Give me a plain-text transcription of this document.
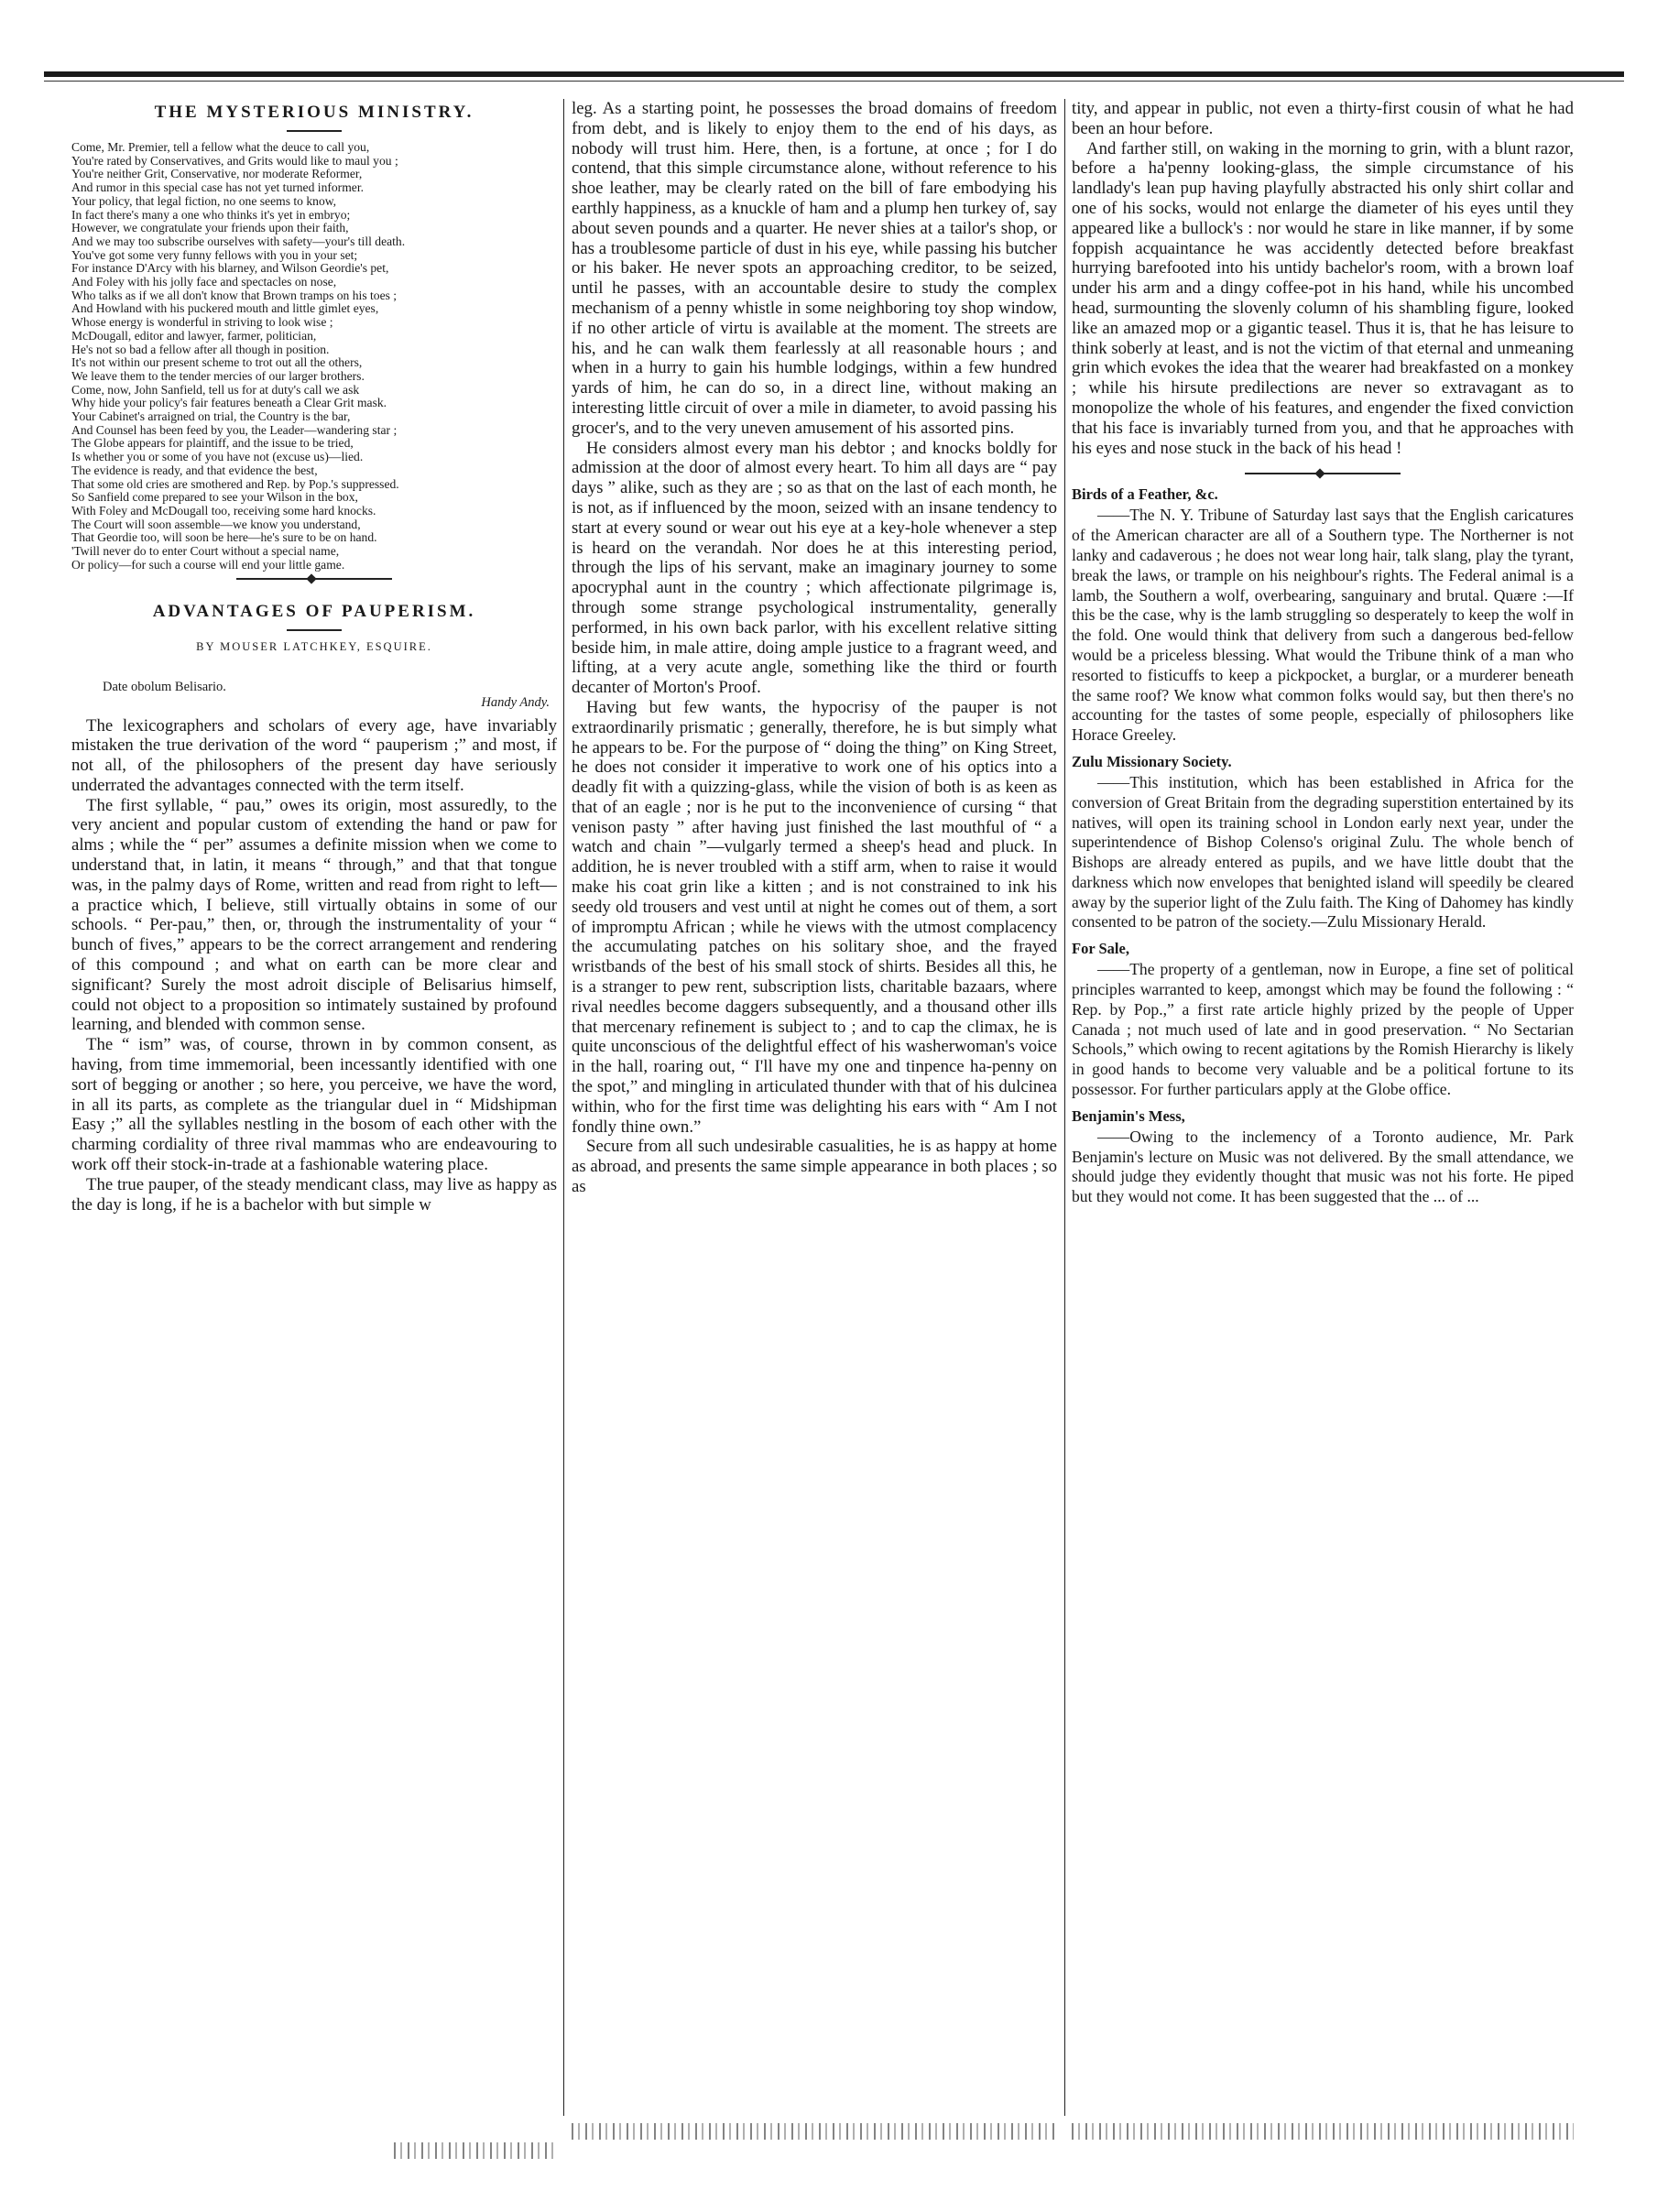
THE MYSTERIOUS MINISTRY.

Come, Mr. Premier, tell a fellow what the deuce to call you,

You're rated by Conservatives, and Grits would like to maul you ;

You're neither Grit, Conservative, nor moderate Reformer,

And rumor in this special case has not yet turned informer.

Your policy, that legal fiction, no one seems to know,

In fact there's many a one who thinks it's yet in embryo;

However, we congratulate your friends upon their faith,

And we may too subscribe ourselves with safety—your's till death.

You've got some very funny fellows with you in your set;

For instance D'Arcy with his blarney, and Wilson Geordie's pet,

And Foley with his jolly face and spectacles on nose,

Who talks as if we all don't know that Brown tramps on his toes ;

And Howland with his puckered mouth and little gimlet eyes,

Whose energy is wonderful in striving to look wise ;

McDougall, editor and lawyer, farmer, politician,

He's not so bad a fellow after all though in position.

It's not within our present scheme to trot out all the others,

We leave them to the tender mercies of our larger brothers.

Come, now, John Sanfield, tell us for at duty's call we ask

Why hide your policy's fair features beneath a Clear Grit mask.

Your Cabinet's arraigned on trial, the Country is the bar,

And Counsel has been feed by you, the Leader—wandering star ;

The Globe appears for plaintiff, and the issue to be tried,

Is whether you or some of you have not (excuse us)—lied.

The evidence is ready, and that evidence the best,

That some old cries are smothered and Rep. by Pop.'s suppressed.

So Sanfield come prepared to see your Wilson in the box,

With Foley and McDougall too, receiving some hard knocks.

The Court will soon assemble—we know you understand,

That Geordie too, will soon be here—he's sure to be on hand.

'Twill never do to enter Court without a special name,

Or policy—for such a course will end your little game.

ADVANTAGES OF PAUPERISM.
BY MOUSER LATCHKEY, ESQUIRE.
Date obolum Belisario.
Handy Andy.

The lexicographers and scholars of every age, have invariably mistaken the true derivation of the word “ pauperism ;” and most, if not all, of the philosophers of the present day have seriously underrated the advantages connected with the term itself.

The first syllable, “ pau,” owes its origin, most assuredly, to the very ancient and popular custom of extending the hand or paw for alms ; while the “ per” assumes a definite mission when we come to understand that, in latin, it means “ through,” and that that tongue was, in the palmy days of Rome, written and read from right to left—a practice which, I believe, still virtually obtains in some of our schools. “ Per-pau,” then, or, through the instrumentality of your “ bunch of fives,” appears to be the correct arrangement and rendering of this compound ; and what on earth can be more clear and significant? Surely the most adroit disciple of Belisarius himself, could not object to a proposition so intimately sustained by profound learning, and blended with common sense.

The “ ism” was, of course, thrown in by common consent, as having, from time immemorial, been incessantly identified with one sort of begging or another ; so here, you perceive, we have the word, in all its parts, as complete as the triangular duel in “ Midshipman Easy ;” all the syllables nestling in the bosom of each other with the charming cordiality of three rival mammas who are endeavouring to work off their stock-in-trade at a fashionable watering place.

The true pauper, of the steady mendicant class, may live as happy as the day is long, if he is a bachelor with but simple w

leg. As a starting point, he possesses the broad domains of freedom from debt, and is likely to enjoy them to the end of his days, as nobody will trust him. Here, then, is a fortune, at once ; for I do contend, that this simple circumstance alone, without reference to his shoe leather, may be clearly rated on the bill of fare embodying his earthly happiness, as a knuckle of ham and a plump hen turkey of, say about seven pounds and a quarter. He never shies at a tailor's shop, or has a troublesome particle of dust in his eye, while passing his butcher or his baker. He never spots an approaching creditor, to be seized, until he passes, with an accountable desire to study the complex mechanism of a penny whistle in some neighboring toy shop window, if no other article of virtu is available at the moment. The streets are his, and he can walk them fearlessly at all reasonable hours ; and when in a hurry to gain his humble lodgings, within a few hundred yards of him, he can do so, in a direct line, without making an interesting little circuit of over a mile in diameter, to avoid passing his grocer's, and to the very uneven amusement of his assorted pins.

He considers almost every man his debtor ; and knocks boldly for admission at the door of almost every heart. To him all days are “ pay days ” alike, such as they are ; so as that on the last of each month, he is not, as if influenced by the moon, seized with an insane tendency to start at every sound or wear out his eye at a key-hole whenever a step is heard on the verandah. Nor does he at this interesting period, through the lips of his servant, make an imaginary journey to some apocryphal aunt in the country ; which affectionate pilgrimage is, through some strange psychological instrumentality, generally performed, in his own back parlor, with his excellent relative sitting beside him, in male attire, doing ample justice to a fragrant weed, and lifting, at a very acute angle, something like the third or fourth decanter of Morton's Proof.

Having but few wants, the hypocrisy of the pauper is not extraordinarily prismatic ; generally, therefore, he is but simply what he appears to be. For the purpose of “ doing the thing” on King Street, he does not consider it imperative to work one of his optics into a deadly fit with a quizzing-glass, while the vision of both is as keen as that of an eagle ; nor is he put to the inconvenience of cursing “ that venison pasty ” after having just finished the last mouthful of “ a watch and chain ”—vulgarly termed a sheep's head and pluck. In addition, he is never troubled with a stiff arm, when to raise it would make his coat grin like a kitten ; and is not constrained to ink his seedy old trousers and vest until at night he comes out of them, a sort of impromptu African ; while he views with the utmost complacency the accumulating patches on his solitary shoe, and the frayed wristbands of the best of his small stock of shirts. Besides all this, he is a stranger to pew rent, subscription lists, charitable bazaars, where rival needles become daggers subsequently, and a thousand other ills that mercenary refinement is subject to ; and to cap the climax, he is quite unconscious of the delightful effect of his washerwoman's voice in the hall, roaring out, “ I'll have my one and tinpence ha-penny on the spot,” and mingling in articulated thunder with that of his dulcinea within, who for the first time was delighting his ears with “ Am I not fondly thine own.”

Secure from all such undesirable casualities, he is as happy at home as abroad, and presents the same simple appearance in both places ; so as

tity, and appear in public, not even a thirty-first cousin of what he had been an hour before.

And farther still, on waking in the morning to grin, with a blunt razor, before a ha'penny looking-glass, the simple circumstance of his landlady's lean pup having playfully abstracted his only shirt collar and one of his socks, would not enlarge the diameter of his eyes until they appeared like a bullock's : nor would he stare in like manner, if by some foppish acquaintance he was accidently detected before breakfast hurrying barefooted into his untidy bachelor's room, with a brown loaf under his arm and a dingy coffee-pot in his hand, while his uncombed head, surmounting the slovenly column of his shambling figure, looked like an amazed mop or a gigantic teasel. Thus it is, that he has leisure to think soberly at least, and is not the victim of that eternal and unmeaning grin which evokes the idea that the wearer had breakfasted on a monkey ; while his hirsute predilections are never so extravagant as to monopolize the whole of his features, and engender the fixed conviction that his face is invariably turned from you, and that he approaches with his eyes and nose stuck in the back of his head !

Birds of a Feather, &c.

——The N. Y. Tribune of Saturday last says that the English caricatures of the American character are all of a Southern type. The Northerner is not lanky and cadaverous ; he does not wear long hair, talk slang, play the tyrant, break the laws, or trample on his neighbour's rights. The Federal animal is a lamb, the Southern a wolf, overbearing, sanguinary and brutal. Quære :—If this be the case, why is the lamb struggling so desperately to keep the wolf in the fold. One would think that delivery from such a dangerous bed-fellow would be a priceless blessing. What would the Tribune think of a man who resorted to fisticuffs to keep a pickpocket, a burglar, or a murderer beneath the same roof? We know what common folks would say, but then there's no accounting for the tastes of some people, especially of philosophers like Horace Greeley.

Zulu Missionary Society.

——This institution, which has been established in Africa for the conversion of Great Britain from the degrading superstition entertained by its natives, will open its training school in London early next year, under the superintendence of Bishop Colenso's original Zulu. The whole bench of Bishops are already entered as pupils, and we have little doubt that the darkness which now envelopes that benighted island will speedily be cleared away by the superior light of the Zulu faith. The King of Dahomey has kindly consented to be patron of the society.—Zulu Missionary Herald.

For Sale,

——The property of a gentleman, now in Europe, a fine set of political principles warranted to keep, amongst which may be found the following : “ Rep. by Pop.,” a first rate article highly prized by the people of Upper Canada ; not much used of late and in good preservation. “ No Sectarian Schools,” which owing to recent agitations by the Romish Hierarchy is likely in good hands to become very valuable and be a political fortune to its possessor. For further particulars apply at the Globe office.

Benjamin's Mess,

——Owing to the inclemency of a Toronto audience, Mr. Park Benjamin's lecture on Music was not delivered. By the small attendance, we should judge they evidently thought that music was not his forte. He piped but they would not come. It has been suggested that the ... of ...
